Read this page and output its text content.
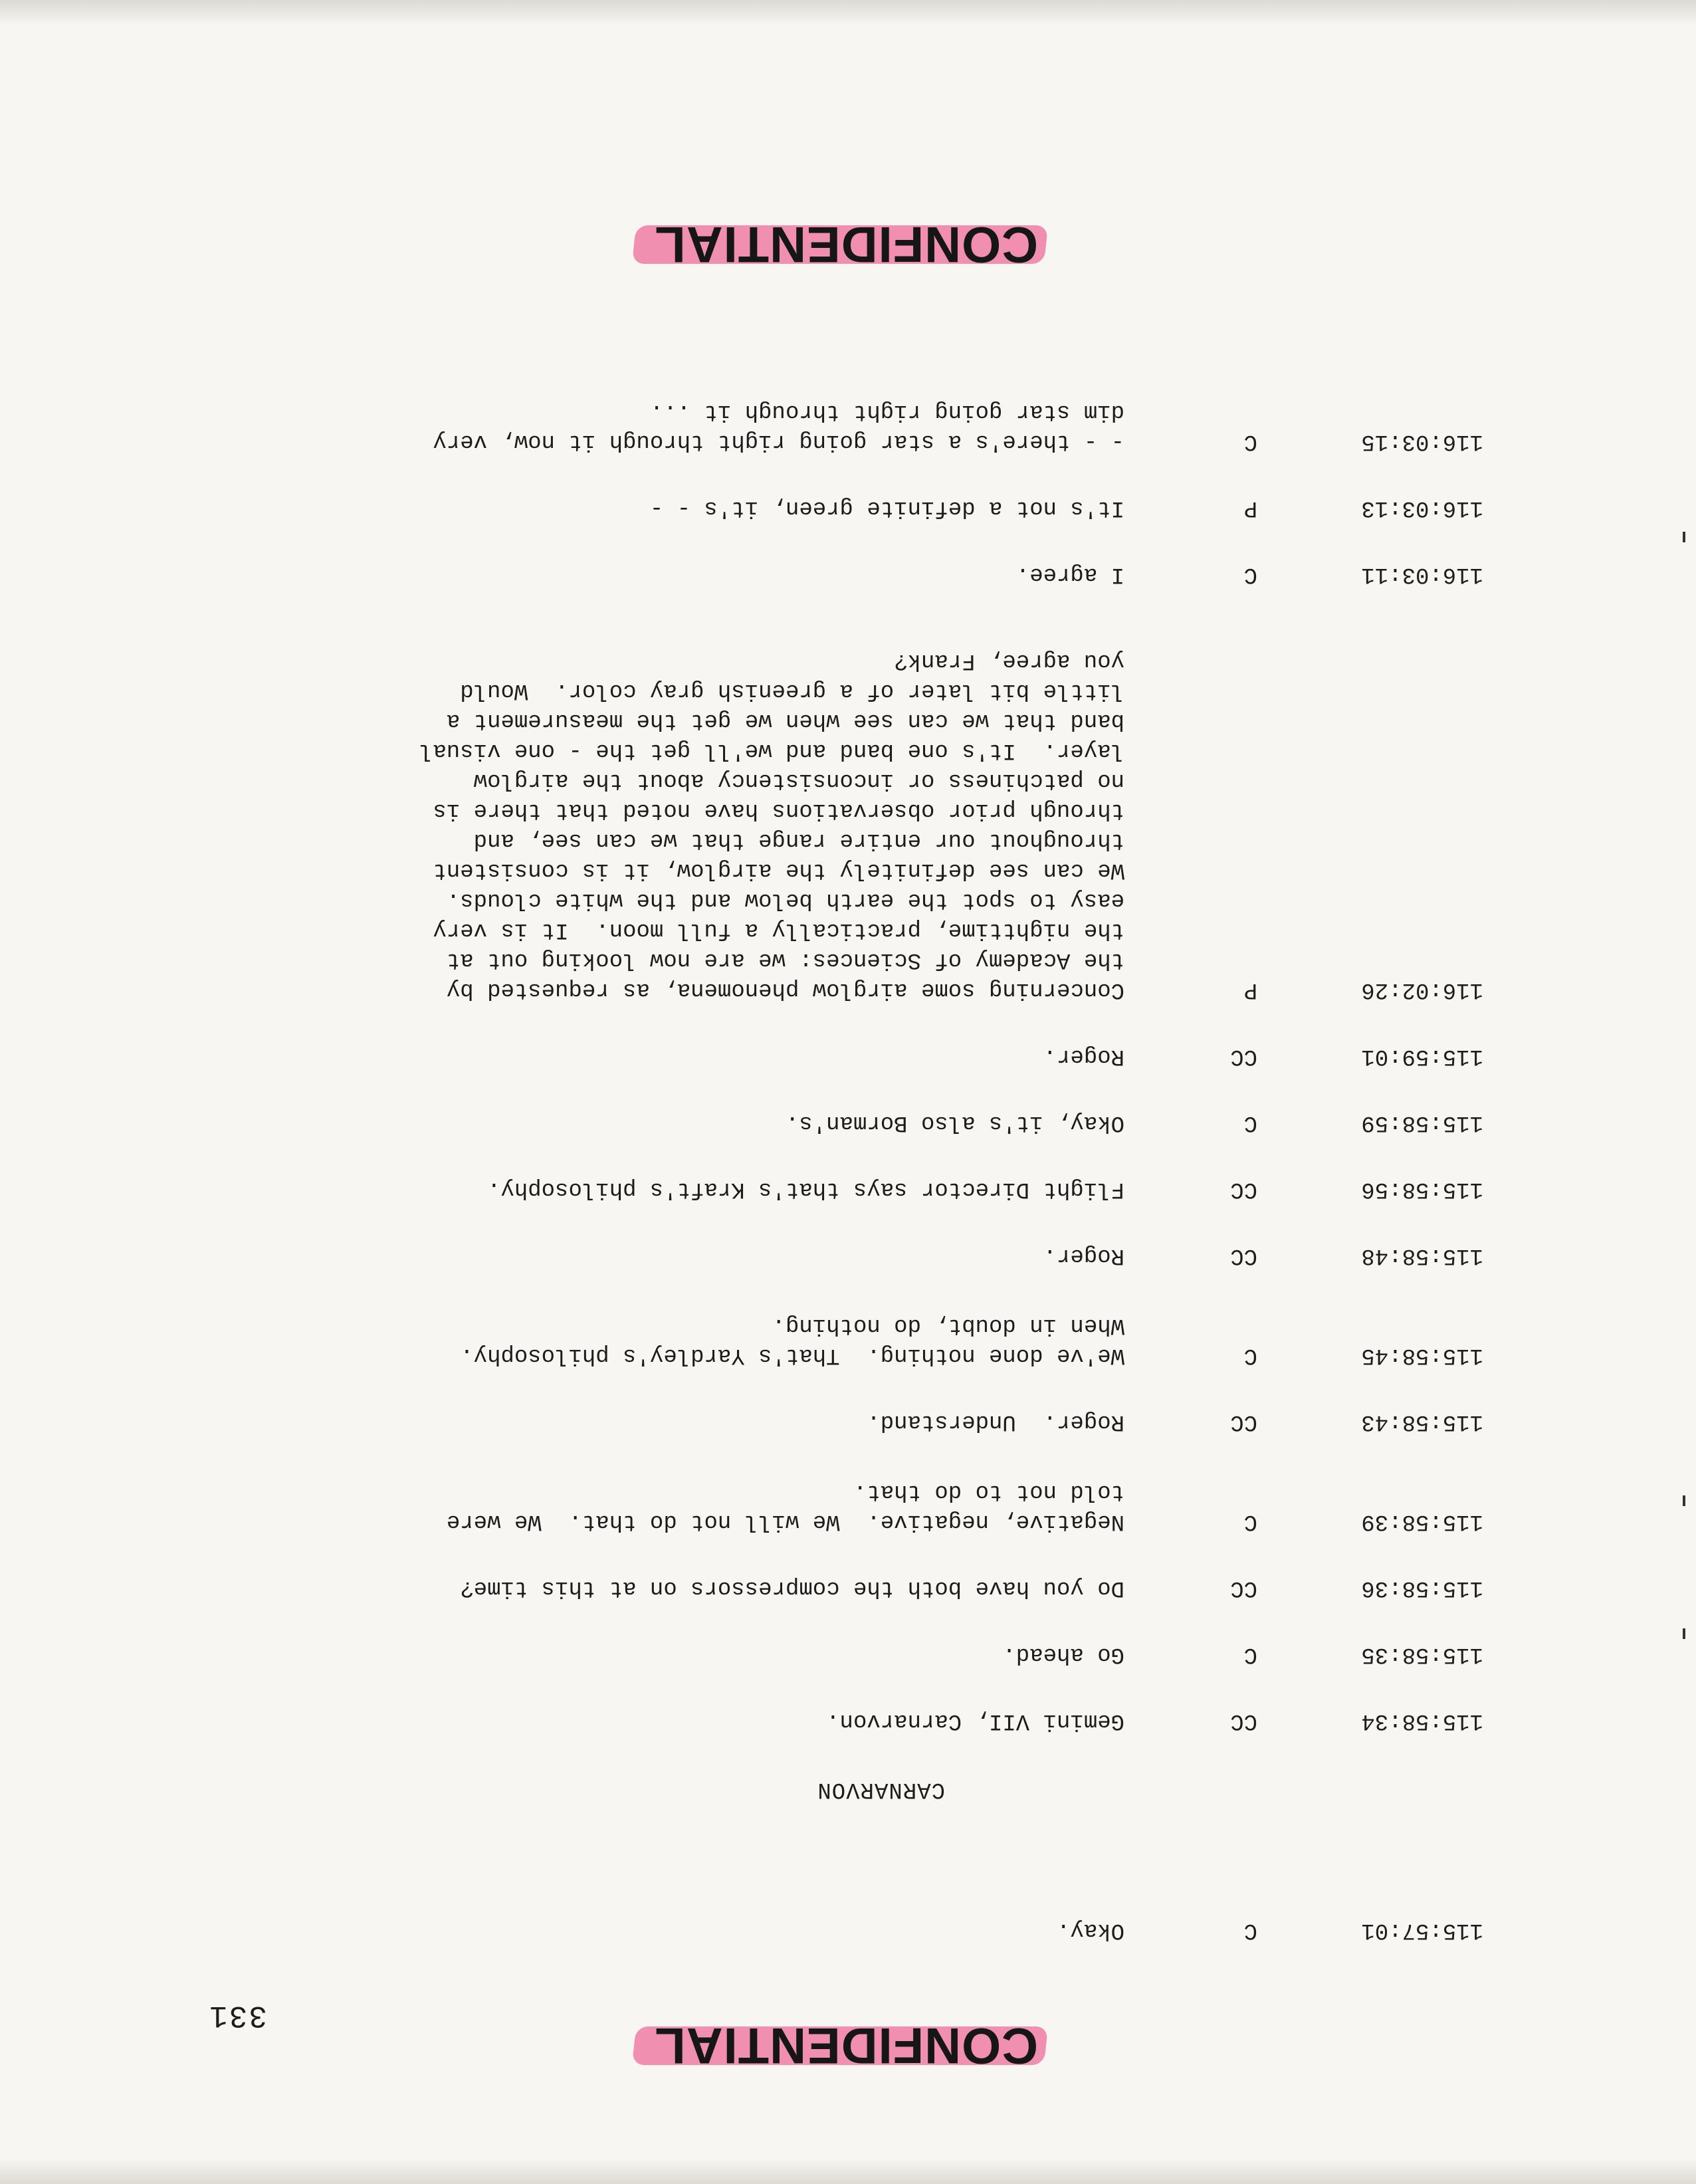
331
CONFIDENTIAL
115:57:01
C
Okay.
CARNARVON
115:58:34
CC
Gemini VII, Carnarvon.
115:58:35
C
Go ahead.
115:58:36
CC
Do you have both the compressors on at this time?
115:58:39
C
Negative, negative.  We will not do that.  We were
told not to do that.
115:58:43
CC
Roger.  Understand.
115:58:45
C
We've done nothing.  That's Yardley's philosophy.
When in doubt, do nothing.
115:58:48
CC
Roger.
115:58:56
CC
Flight Director says that's Kraft's philosophy.
115:58:59
C
Okay, it's also Borman's.
115:59:01
CC
Roger.
116:02:26
P
Concerning some airglow phenomena, as requested by
the Academy of Sciences: we are now looking out at
the nighttime, practically a full moon.  It is very
easy to spot the earth below and the white clouds.
We can see definitely the airglow, it is consistent
throughout our entire range that we can see, and
through prior observations have noted that there is
no patchiness or inconsistency about the airglow
layer.  It's one band and we'll get the - one visual
band that we can see when we get the measurement a
little bit later of a greenish gray color.  Would
you agree, Frank?
116:03:11
C
I agree.
116:03:13
P
It's not a definite green, it's - -
116:03:15
C
- - there's a star going right through it now, very
dim star going right through it ...
CONFIDENTIAL
